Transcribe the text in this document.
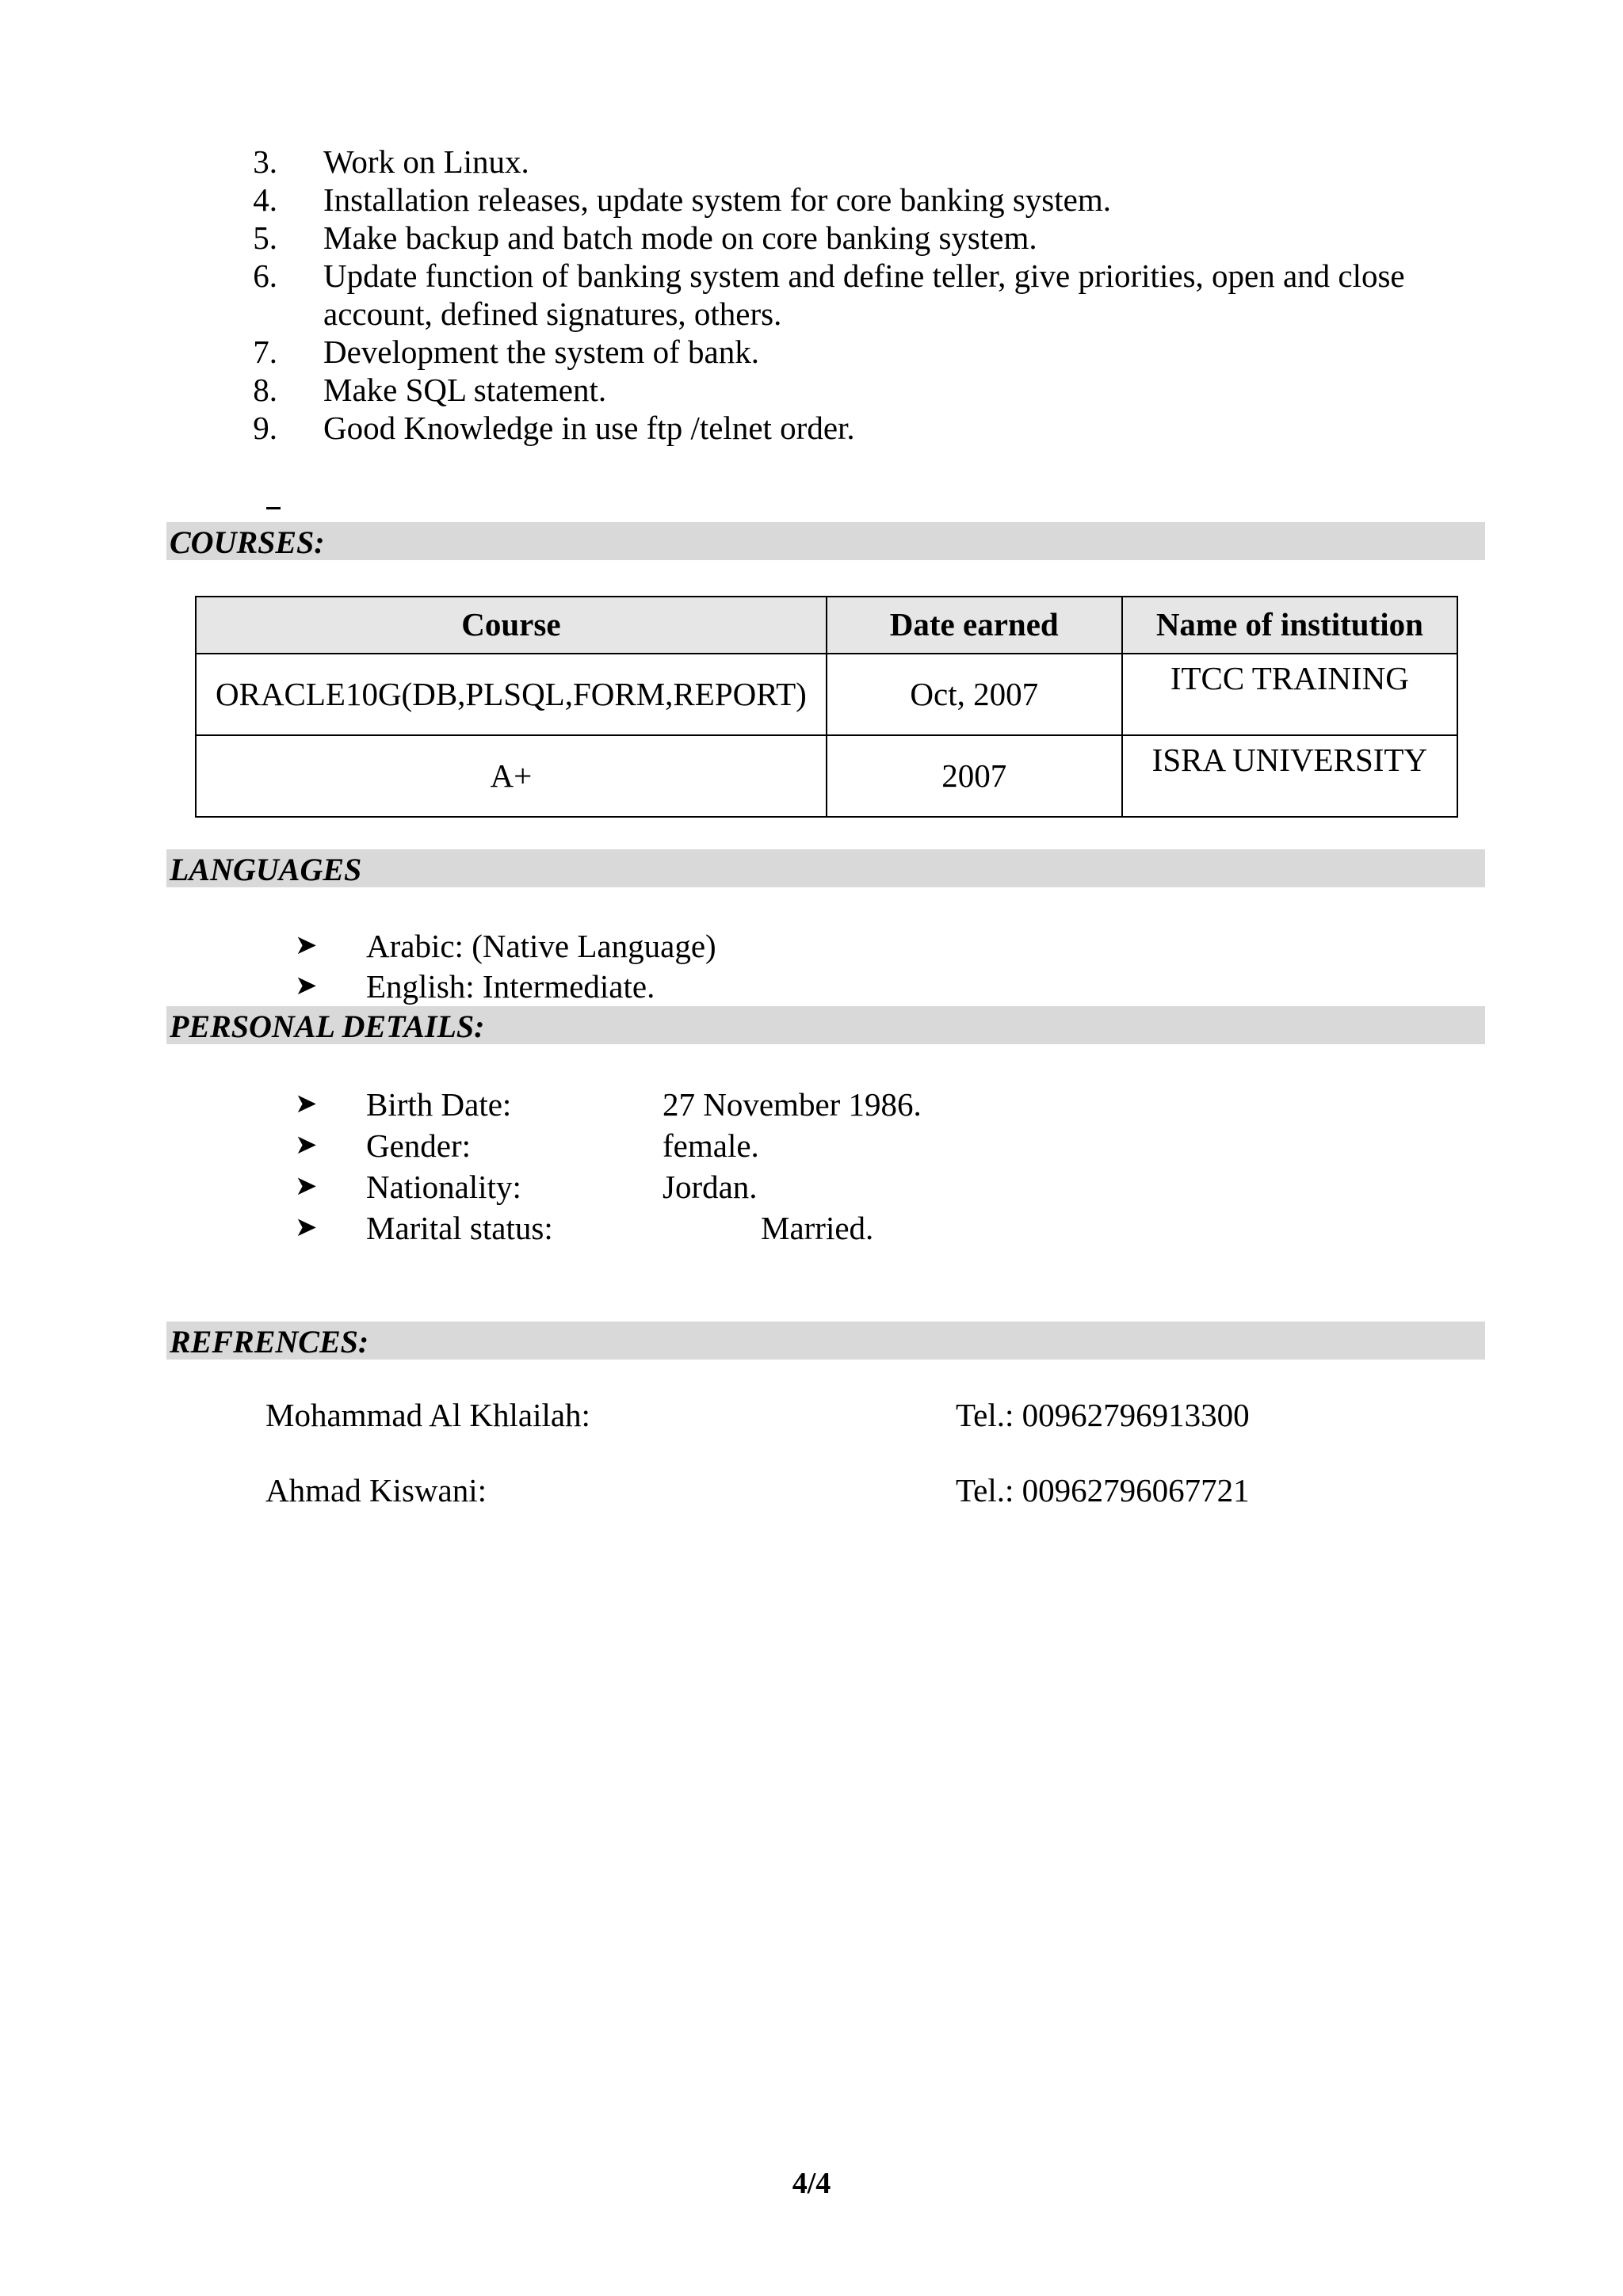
3. Work on Linux.
4. Installation releases, update system for core banking system.
5. Make backup and batch mode on core banking system.
6. Update function of banking system and define teller, give priorities, open and close
account, defined signatures, others.
7. Development the system of bank.
8. Make SQL statement.
9. Good Knowledge in use ftp /telnet order.
COURSES:
Course	Date earned	Name of institution
ORACLE10G(DB,PLSQL,FORM,REPORT)	Oct, 2007	ITCC TRAINING
A+	2007	ISRA UNIVERSITY
LANGUAGES
➤ Arabic: (Native Language)
➤ English: Intermediate.
PERSONAL DETAILS:
➤ Birth Date:	27 November 1986.
➤ Gender:	female.
➤ Nationality:	Jordan.
➤ Marital status:	Married.
REFRENCES:
Mohammad Al Khlailah:	Tel.: 00962796913300
Ahmad Kiswani:	Tel.: 00962796067721
4/4
